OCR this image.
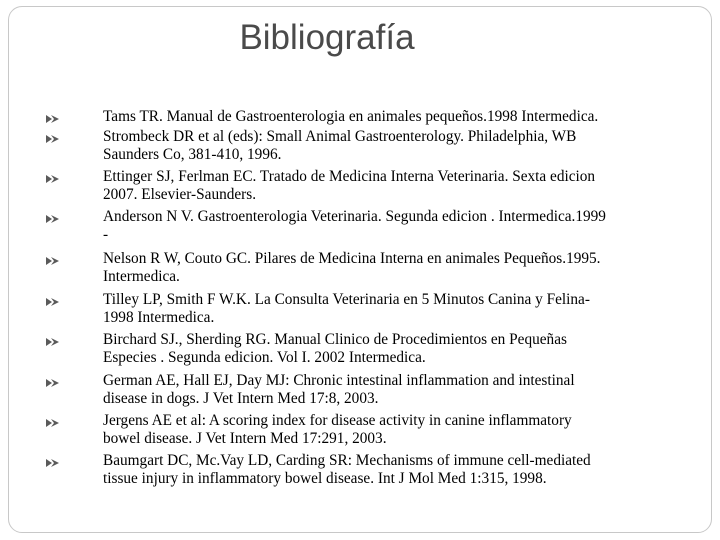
Bibliografía
Tams TR. Manual de Gastroenterologia en animales pequeños.1998 Intermedica.
Strombeck DR et al (eds): Small Animal Gastroenterology. Philadelphia, WB
Saunders Co, 381-410, 1996.
Ettinger SJ, Ferlman EC. Tratado de Medicina Interna Veterinaria. Sexta edicion
2007. Elsevier-Saunders.
Anderson N V. Gastroenterologia Veterinaria. Segunda edicion . Intermedica.1999
-
Nelson R W, Couto GC. Pilares de Medicina Interna en animales Pequeños.1995.
Intermedica.
Tilley LP, Smith F W.K. La Consulta Veterinaria en 5 Minutos Canina y Felina-
1998 Intermedica.
Birchard SJ., Sherding RG. Manual Clinico de Procedimientos en Pequeñas
Especies . Segunda edicion. Vol I. 2002 Intermedica.
German AE, Hall EJ, Day MJ: Chronic intestinal inflammation and intestinal
disease in dogs. J Vet Intern Med 17:8, 2003.
Jergens AE et al: A scoring index for disease activity in canine inflammatory
bowel disease. J Vet Intern Med 17:291, 2003.
Baumgart DC, Mc.Vay LD, Carding SR: Mechanisms of immune cell-mediated
tissue injury in inflammatory bowel disease. Int J Mol Med 1:315, 1998.
